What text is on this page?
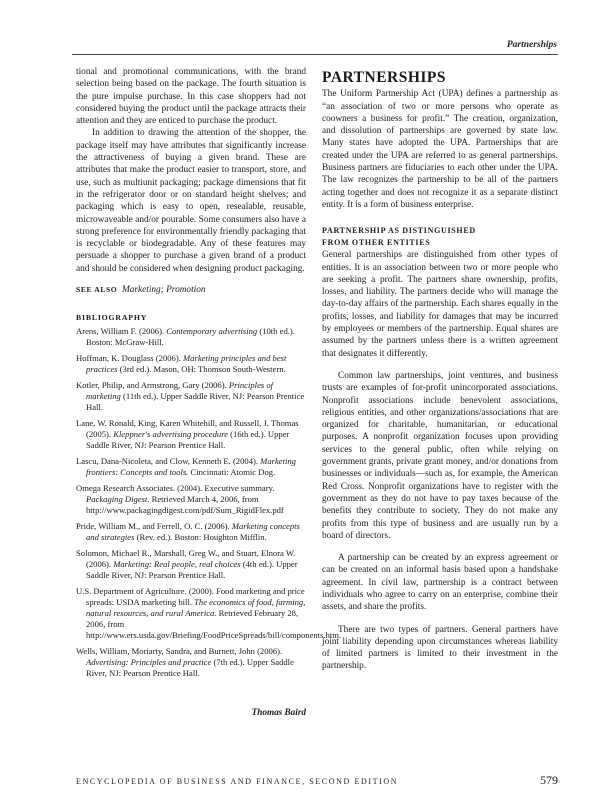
Partnerships

tional and promotional communications, with the brand selection being based on the package. The fourth situation is the pure impulse purchase. In this case shoppers had not considered buying the product until the package attracts their attention and they are enticed to purchase the product.

In addition to drawing the attention of the shopper, the package itself may have attributes that significantly increase the attractiveness of buying a given brand. These are attributes that make the product easier to transport, store, and use, such as multiunit packaging; package dimensions that fit in the refrigerator door or on standard height shelves; and packaging which is easy to open, resealable, reusable, microwaveable and/or pourable. Some consumers also have a strong preference for environmentally friendly packaging that is recyclable or biodegradable. Any of these features may persuade a shopper to purchase a given brand of a product and should be considered when designing product packaging.

SEE ALSO Marketing; Promotion

BIBLIOGRAPHY

Arens, William F. (2006). Contemporary advertising (10th ed.). Boston: McGraw-Hill.

Hoffman, K. Douglass (2006). Marketing principles and best practices (3rd ed.). Mason, OH: Thomson South-Western.

Kotler, Philip, and Armstrong, Gary (2006). Principles of marketing (11th ed.). Upper Saddle River, NJ: Pearson Prentice Hall.

Lane, W. Ronald, King, Karen Whitehill, and Russell, J. Thomas (2005). Kleppner's advertising procedure (16th ed.). Upper Saddle River, NJ: Pearson Prentice Hall.

Lascu, Dana-Nicoleta, and Clow, Kenneth E. (2004). Marketing frontiers: Concepts and tools. Cincinnati: Atomic Dog.

Omega Research Associates. (2004). Executive summary. Packaging Digest. Retrieved March 4, 2006, from http://www.packagingdigest.com/pdf/Sum_RigidFlex.pdf

Pride, William M., and Ferrell, O. C. (2006). Marketing concepts and strategies (Rev. ed.). Boston: Houghton Mifflin.

Solomon, Michael R., Marshall, Greg W., and Stuart, Elnora W. (2006). Marketing: Real people, real choices (4th ed.). Upper Saddle River, NJ: Pearson Prentice Hall.

U.S. Department of Agriculture. (2000). Food marketing and price spreads: USDA marketing bill. The economics of food, farming, natural resources, and rural America. Retrieved February 28, 2006, from http://www.ers.usda.gov/Briefing/FoodPriceSpreads/bill/components.htm.

Wells, William, Moriarty, Sandra, and Burnett, John (2006). Advertising: Principles and practice (7th ed.). Upper Saddle River, NJ: Pearson Prentice Hall.

Thomas Baird

PARTNERSHIPS

The Uniform Partnership Act (UPA) defines a partnership as “an association of two or more persons who operate as coowners a business for profit.” The creation, organization, and dissolution of partnerships are governed by state law. Many states have adopted the UPA. Partnerships that are created under the UPA are referred to as general partnerships. Business partners are fiduciaries to each other under the UPA. The law recognizes the partnership to be all of the partners acting together and does not recognize it as a separate distinct entity. It is a form of business enterprise.

PARTNERSHIP AS DISTINGUISHED
FROM OTHER ENTITIES

General partnerships are distinguished from other types of entities. It is an association between two or more people who are seeking a profit. The partners share ownership, profits, losses, and liability. The partners decide who will manage the day-to-day affairs of the partnership. Each shares equally in the profits, losses, and liability for damages that may be incurred by employees or members of the partnership. Equal shares are assumed by the partners unless there is a written agreement that designates it differently.

Common law partnerships, joint ventures, and business trusts are examples of for-profit unincorporated associations. Nonprofit associations include benevolent associations, religious entities, and other organizations/associations that are organized for charitable, humanitarian, or educational purposes. A nonprofit organization focuses upon providing services to the general public, often while relying on government grants, private grant money, and/or donations from businesses or individuals—such as, for example, the American Red Cross. Nonprofit organizations have to register with the government as they do not have to pay taxes because of the benefits they contribute to society. They do not make any profits from this type of business and are usually run by a board of directors.

A partnership can be created by an express agreement or can be created on an informal basis based upon a handshake agreement. In civil law, partnership is a contract between individuals who agree to carry on an enterprise, combine their assets, and share the profits.

There are two types of partners. General partners have joint liability depending upon circumstances whereas liability of limited partners is limited to their investment in the partnership.

ENCYCLOPEDIA OF BUSINESS AND FINANCE, SECOND EDITION	579
